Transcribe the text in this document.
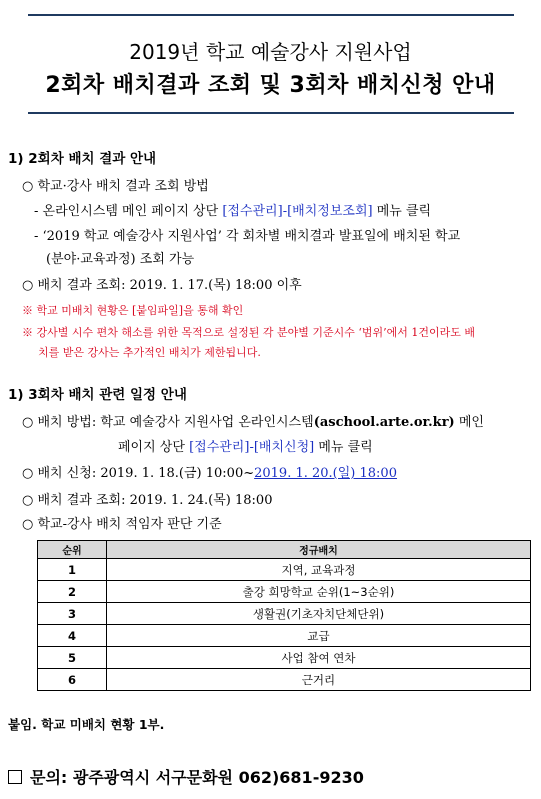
2019년 학교 예술강사 지원사업
2회차 배치결과 조회 및 3회차 배치신청 안내
1) 2회차 배치 결과 안내
○ 학교·강사 배치 결과 조회 방법
- 온라인시스템 메인 페이지 상단 [접수관리]-[배치정보조회] 메뉴 클릭
- ‘2019 학교 예술강사 지원사업’ 각 회차별 배치결과 발표일에 배치된 학교
(분야·교육과정) 조회 가능
○ 배치 결과 조회: 2019. 1. 17.(목) 18:00 이후
※ 학교 미배치 현황은 [붙임파일]을 통해 확인
※ 강사별 시수 편차 해소를 위한 목적으로 설정된 각 분야별 기준시수 ‘범위’에서 1건이라도 배
치를 받은 강사는 추가적인 배치가 제한됩니다.
1) 3회차 배치 관련 일정 안내
○ 배치 방법: 학교 예술강사 지원사업 온라인시스템(aschool.arte.or.kr) 메인
페이지 상단 [접수관리]-[배치신청] 메뉴 클릭
○ 배치 신청: 2019. 1. 18.(금) 10:00~2019. 1. 20.(일) 18:00
○ 배치 결과 조회: 2019. 1. 24.(목) 18:00
○ 학교-강사 배치 적임자 판단 기준
순위	정규배치
1	지역, 교육과정
2	출강 희망학교 순위(1~3순위)
3	생활권(기초자치단체단위)
4	교급
5	사업 참여 연차
6	근거리
붙임. 학교 미배치 현황 1부.
문의: 광주광역시 서구문화원 062)681-9230
